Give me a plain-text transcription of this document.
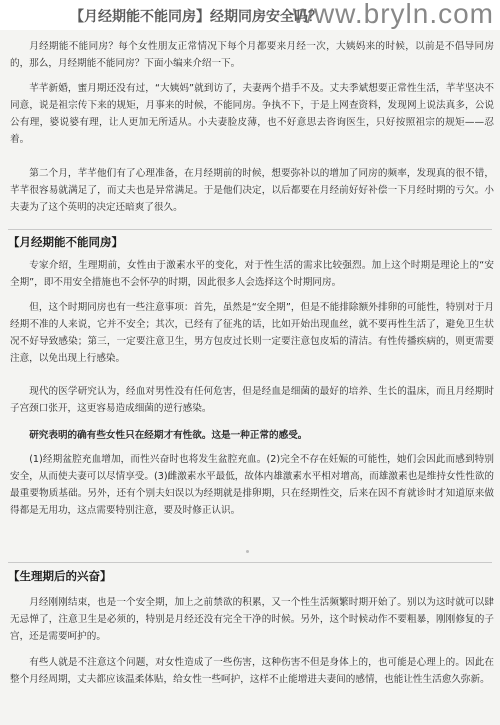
【月经期能不能同房】经期同房安全吗？
www.bryln.com

月经期能不能同房？每个女性朋友正常情况下每个月都要来月经一次，大姨妈来的时候，以前是不倡导同房的，那么，月经期能不能同房？下面小编来介绍一下。

芊芊新婚，蜜月期还没有过，“大姨妈”就到访了，夫妻两个措手不及。丈夫季斌想要正常性生活，芊芊坚决不同意，说是祖宗传下来的规矩，月事来的时候，不能同房。争执不下，于是上网查资料，发现网上说法真多，公说公有理，婆说婆有理，让人更加无所适从。小夫妻脸皮薄，也不好意思去咨询医生，只好按照祖宗的规矩——忍着。

第二个月，芊芊他们有了心理准备，在月经期前的时候，想要弥补以的增加了同房的频率，发现真的很不错，芊芊很容易就满足了，而丈夫也是异常满足。于是他们决定，以后都要在月经前好好补偿一下月经时期的亏欠。小夫妻为了这个英明的决定还暗爽了很久。

【月经期能不能同房】

专家介绍，生理期前，女性由于激素水平的变化，对于性生活的需求比较强烈。加上这个时期是理论上的“安全期”，即不用安全措施也不会怀孕的时期，因此很多人会选择这个时期同房。

但，这个时期同房也有一些注意事项：首先，虽然是“安全期”，但是不能排除额外排卵的可能性，特别对于月经期不准的人来说，它并不安全；其次，已经有了征兆的话，比如开始出现血丝，就不要再性生活了，避免卫生状况不好导致感染；第三，一定要注意卫生，男方包皮过长则一定要注意包皮垢的清洁。有性传播疾病的，则更需要注意，以免出现上行感染。

现代的医学研究认为，经血对男性没有任何危害，但是经血是细菌的最好的培养、生长的温床，而且月经期时子宫颈口张开，这更容易造成细菌的逆行感染。

研究表明的确有些女性只在经期才有性欲。这是一种正常的感受。

(1)经期盆腔充血增加，而性兴奋时也将发生盆腔充血。(2)完全不存在妊娠的可能性，她们会因此而感到特别安全，从而使夫妻可以尽情享受。(3)雌激素水平最低，故体内雄激素水平相对增高，而雄激素也是维持女性性欲的最重要物质基础。另外，还有个别夫妇误以为经期就是排卵期，只在经期性交，后来在因不育就诊时才知道原来做得都是无用功，这点需要特别注意，要及时修正认识。

【生理期后的兴奋】

月经刚刚结束，也是一个安全期，加上之前禁欲的积累，又一个性生活频繁时期开始了。别以为这时就可以肆无忌惮了，注意卫生是必须的，特别是月经还没有完全干净的时候。另外，这个时候动作不要粗暴，刚刚修复的子宫，还是需要呵护的。

有些人就是不注意这个问题，对女性造成了一些伤害，这种伤害不但是身体上的，也可能是心理上的。因此在整个月经周期，丈夫都应该温柔体贴，给女性一些呵护，这样不止能增进夫妻间的感情，也能让性生活愈久弥新。
